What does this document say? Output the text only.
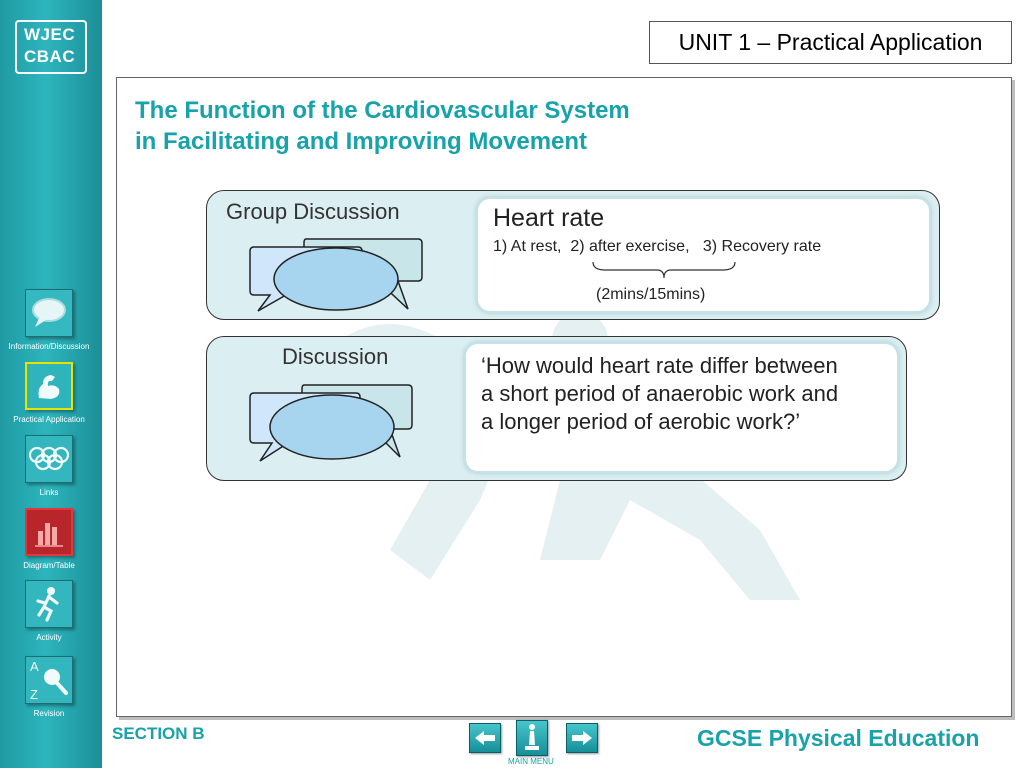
WJEC
CBAC
Information/Discussion
Practical Application
Links
Diagram/Table
Activity
A
Z
Revision
UNIT 1 – Practical Application
The Function of the Cardiovascular System
in Facilitating and Improving Movement
Group Discussion	Heart rate
1) At rest,  2) after exercise,   3) Recovery rate
(2mins/15mins)
Discussion	‘How would heart rate differ between a short period of anaerobic work and a longer period of aerobic work?’
SECTION B
MAIN MENU
GCSE Physical Education
